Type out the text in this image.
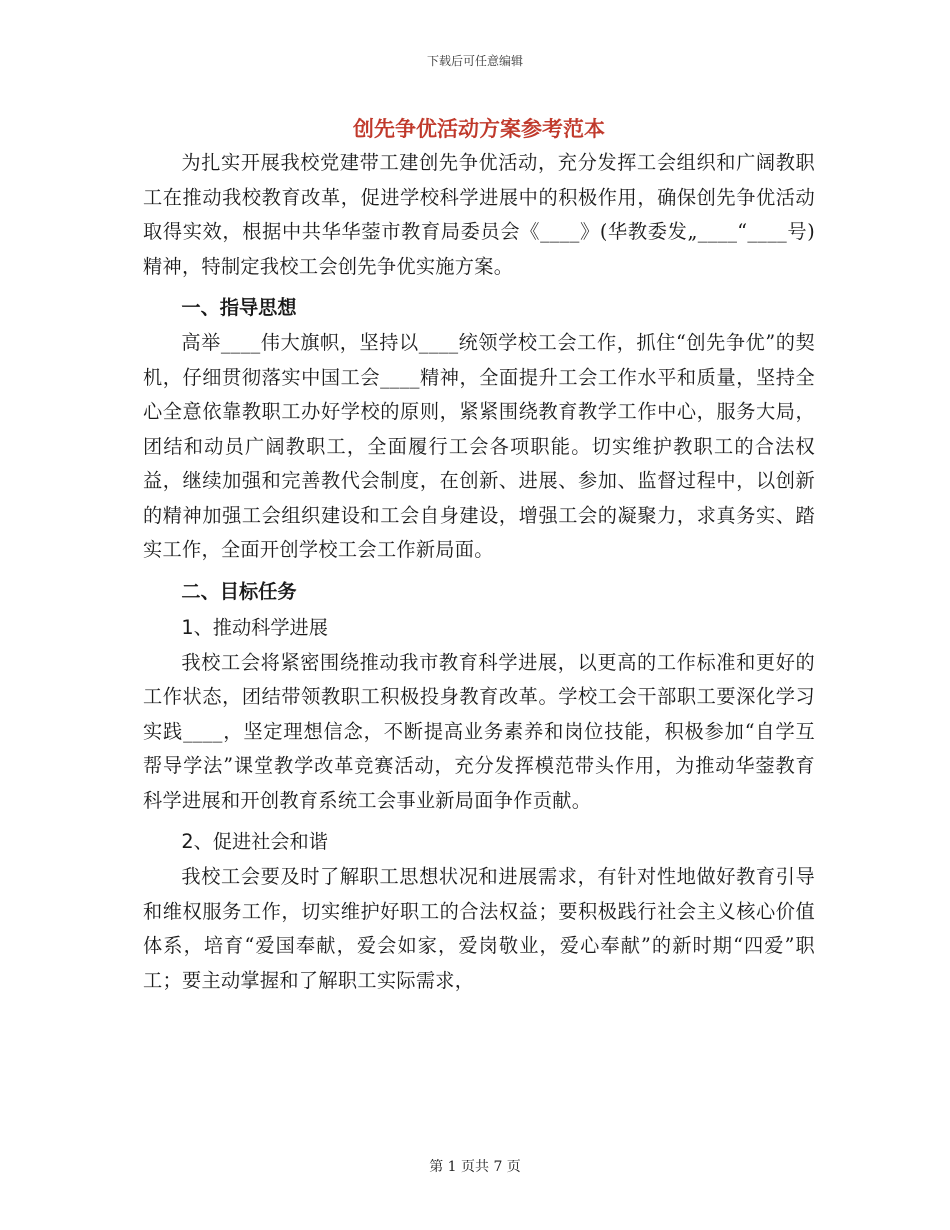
下载后可任意编辑
创先争优活动方案参考范本

为扎实开展我校党建带工建创先争优活动，充分发挥工会组织和广阔教职工在推动我校教育改革，促进学校科学进展中的积极作用，确保创先争优活动取得实效，根据中共华华蓥市教育局委员会《____》(华教委发„____“____号)精神，特制定我校工会创先争优实施方案。

一、指导思想

高举____伟大旗帜，坚持以____统领学校工会工作，抓住“创先争优”的契机，仔细贯彻落实中国工会____精神，全面提升工会工作水平和质量，坚持全心全意依靠教职工办好学校的原则，紧紧围绕教育教学工作中心，服务大局，团结和动员广阔教职工，全面履行工会各项职能。切实维护教职工的合法权益，继续加强和完善教代会制度，在创新、进展、参加、监督过程中，以创新的精神加强工会组织建设和工会自身建设，增强工会的凝聚力，求真务实、踏实工作，全面开创学校工会工作新局面。

二、目标任务

1、推动科学进展

我校工会将紧密围绕推动我市教育科学进展，以更高的工作标准和更好的工作状态，团结带领教职工积极投身教育改革。学校工会干部职工要深化学习实践____，坚定理想信念，不断提高业务素养和岗位技能，积极参加“自学互帮导学法”课堂教学改革竞赛活动，充分发挥模范带头作用，为推动华蓥教育科学进展和开创教育系统工会事业新局面争作贡献。

2、促进社会和谐

我校工会要及时了解职工思想状况和进展需求，有针对性地做好教育引导和维权服务工作，切实维护好职工的合法权益；要积极践行社会主义核心价值体系，培育“爱国奉献，爱会如家，爱岗敬业，爱心奉献”的新时期“四爱”职工；要主动掌握和了解职工实际需求，

第 1 页共 7 页
